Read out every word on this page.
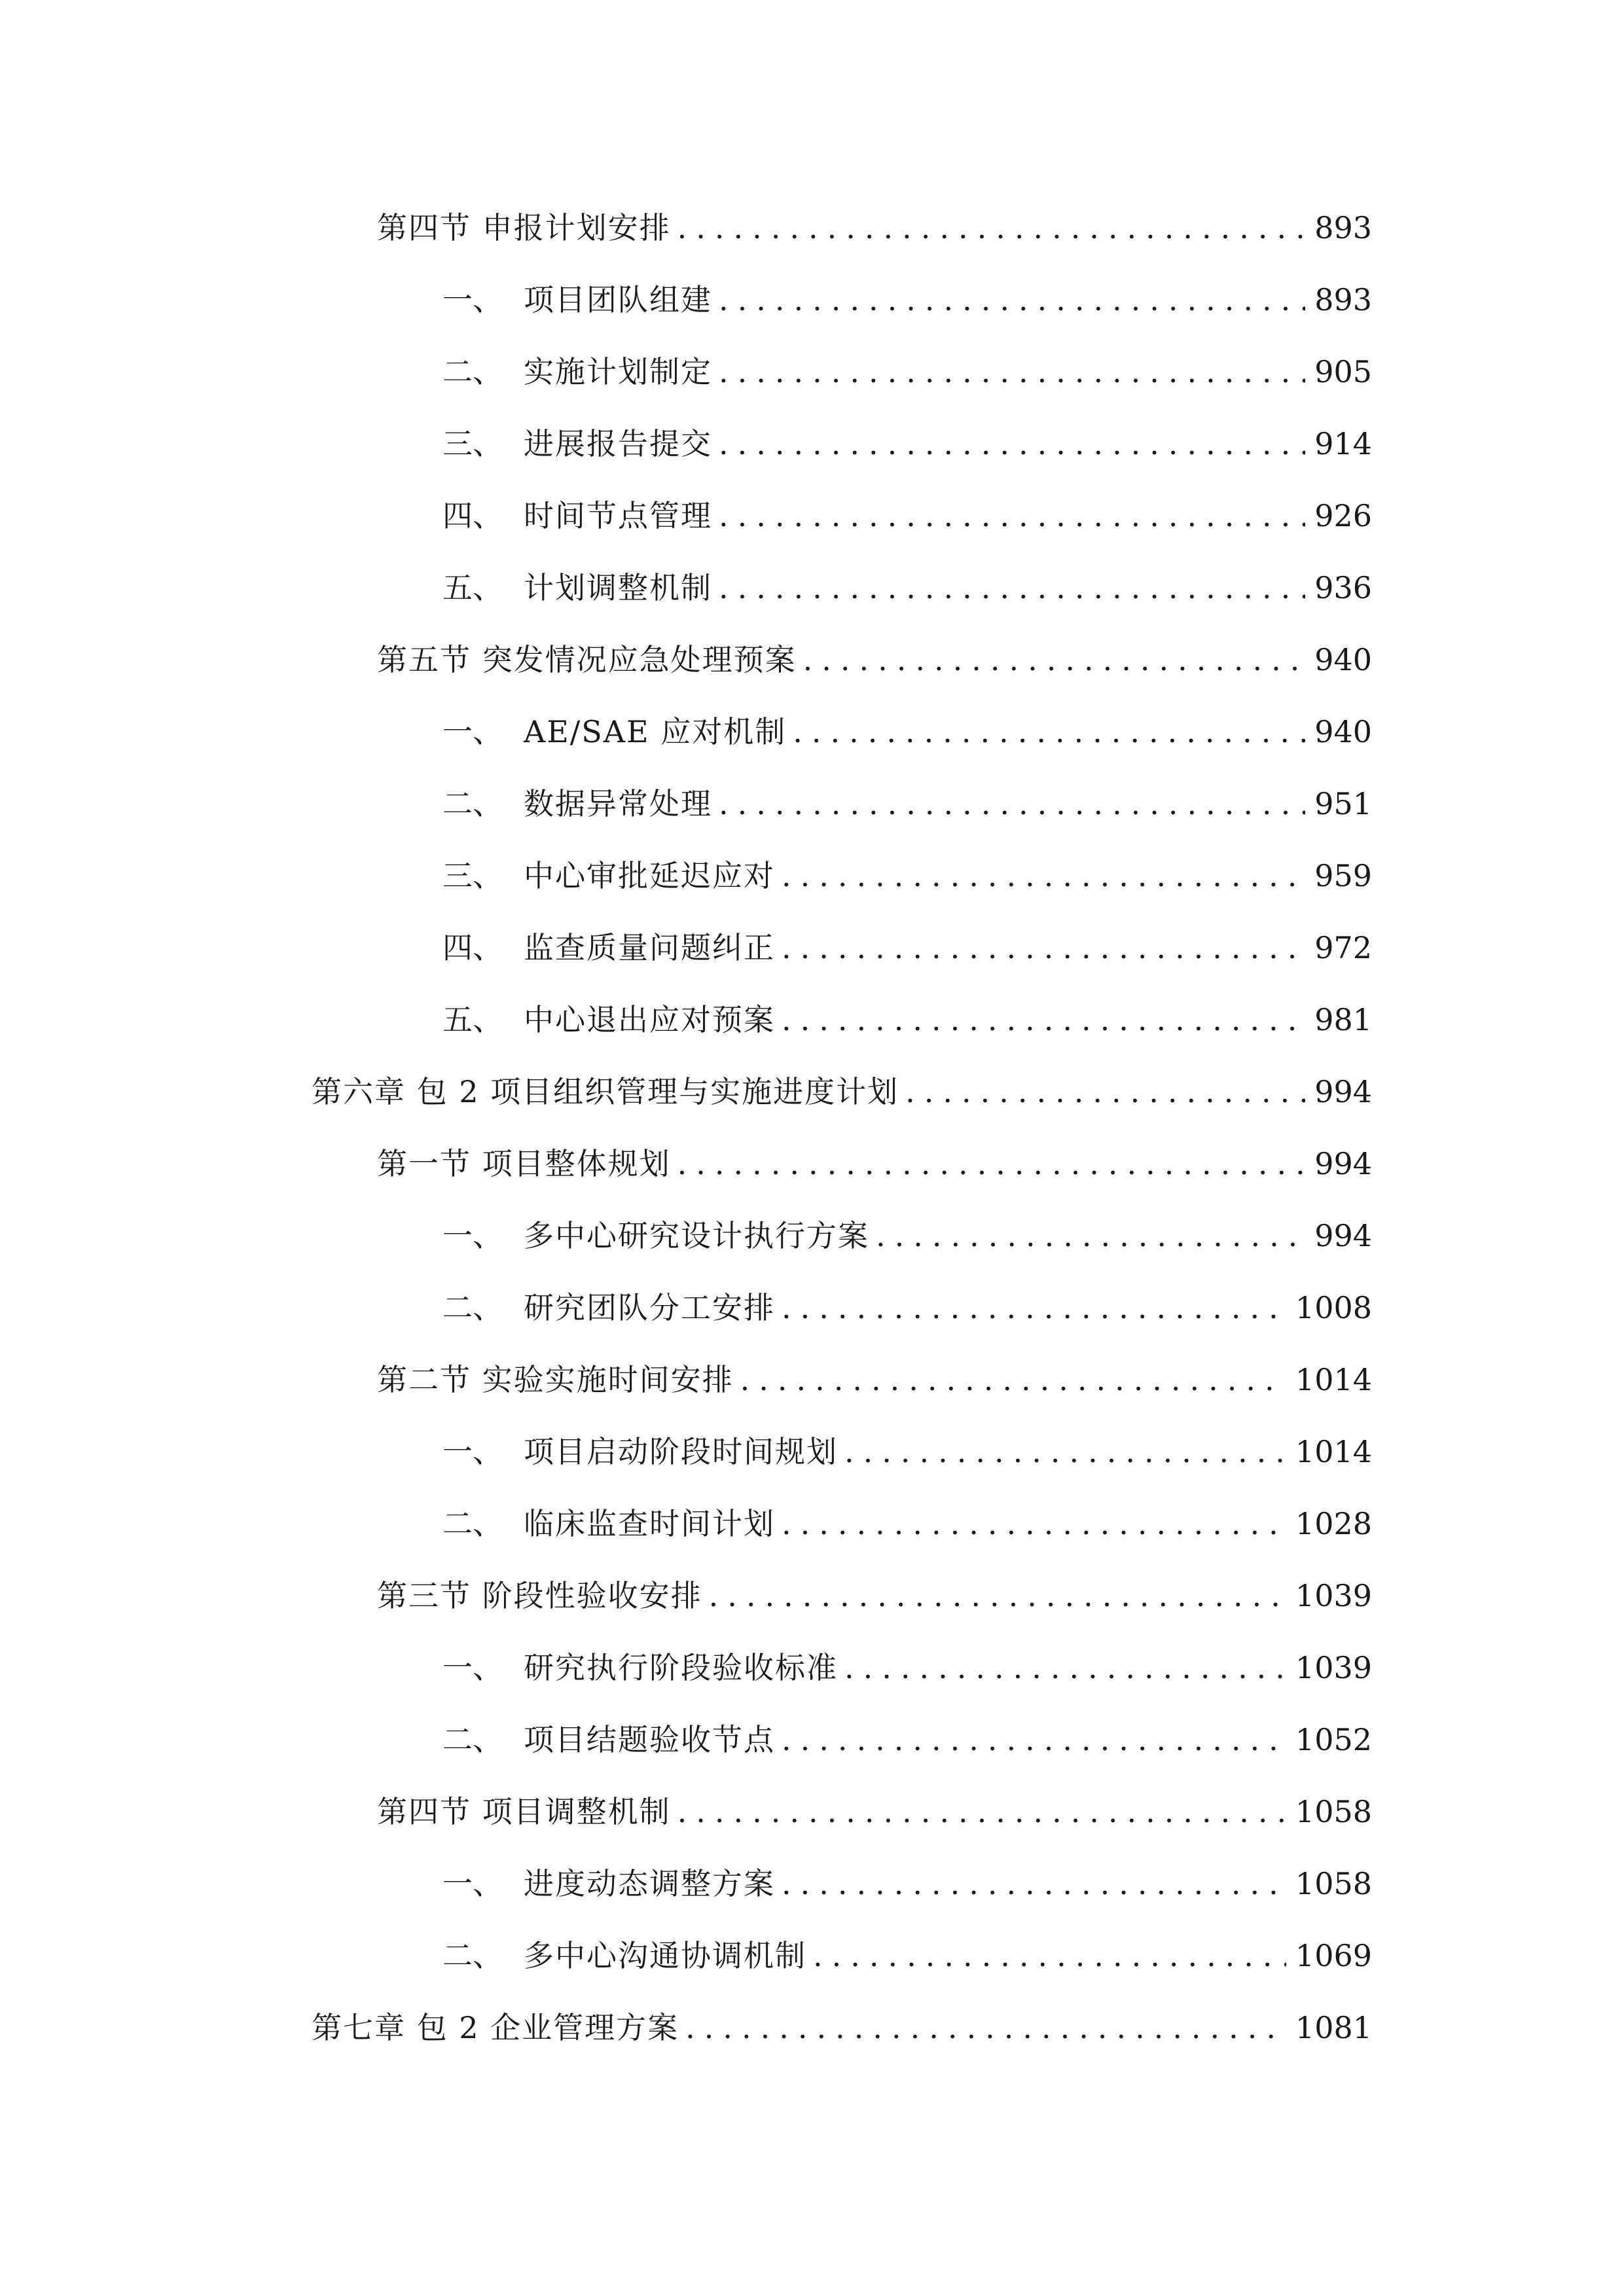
第四节 申报计划安排 .....	893
一、 项目团队组建 .....	893
二、 实施计划制定 .....	905
三、 进展报告提交 .....	914
四、 时间节点管理 .....	926
五、 计划调整机制 .....	936
第五节 突发情况应急处理预案 .....	940
一、 AE/SAE 应对机制 .....	940
二、 数据异常处理 .....	951
三、 中心审批延迟应对 .....	959
四、 监查质量问题纠正 .....	972
五、 中心退出应对预案 .....	981
第六章 包 2 项目组织管理与实施进度计划 .....	994
第一节 项目整体规划 .....	994
一、 多中心研究设计执行方案 .....	994
二、 研究团队分工安排 .....	1008
第二节 实验实施时间安排 .....	1014
一、 项目启动阶段时间规划 .....	1014
二、 临床监查时间计划 .....	1028
第三节 阶段性验收安排 .....	1039
一、 研究执行阶段验收标准 .....	1039
二、 项目结题验收节点 .....	1052
第四节 项目调整机制 .....	1058
一、 进度动态调整方案 .....	1058
二、 多中心沟通协调机制 .....	1069
第七章 包 2 企业管理方案 .....	1081
